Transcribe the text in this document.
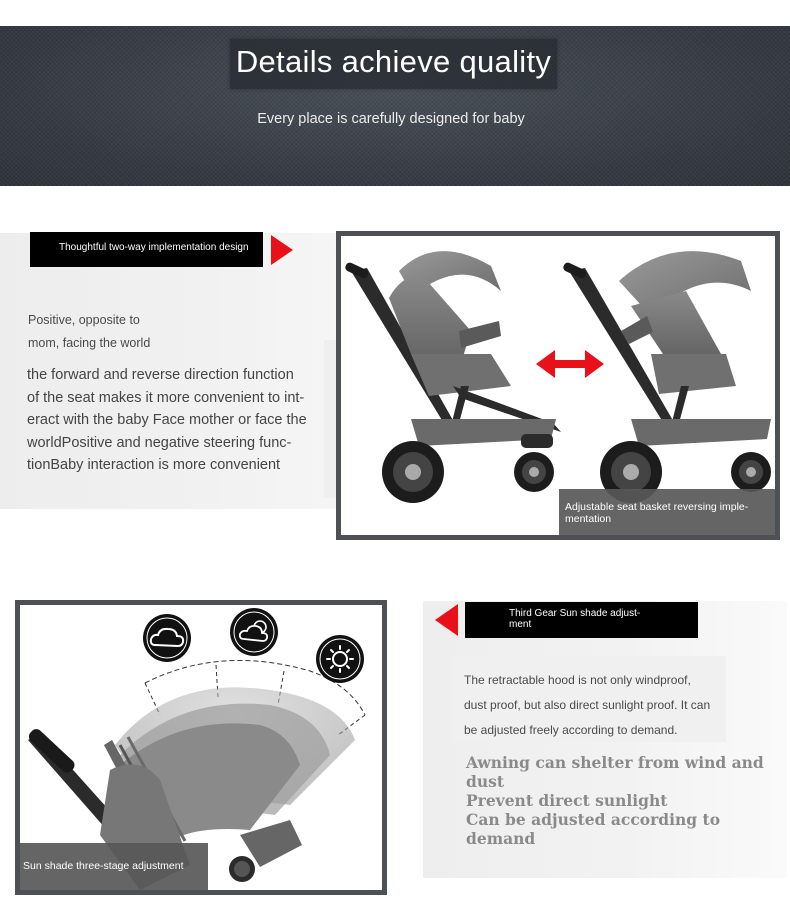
Details achieve quality
Every place is carefully designed for baby
Thoughtful two-way implementation design
Positive, opposite to
mom, facing the world
the forward and reverse direction function
of the seat makes it more convenient to int-
eract with the baby Face mother or face the
worldPositive and negative steering func-
tionBaby interaction is more convenient
Adjustable seat basket reversing imple-mentation
Sun shade three-stage adjustment
Third Gear Sun shade adjust-ment
The retractable hood is not only windproof,
dust proof, but also direct sunlight proof. It can
be adjusted freely according to demand.
Awning can shelter from wind and dust
Prevent direct sunlight
Can be adjusted according to demand
